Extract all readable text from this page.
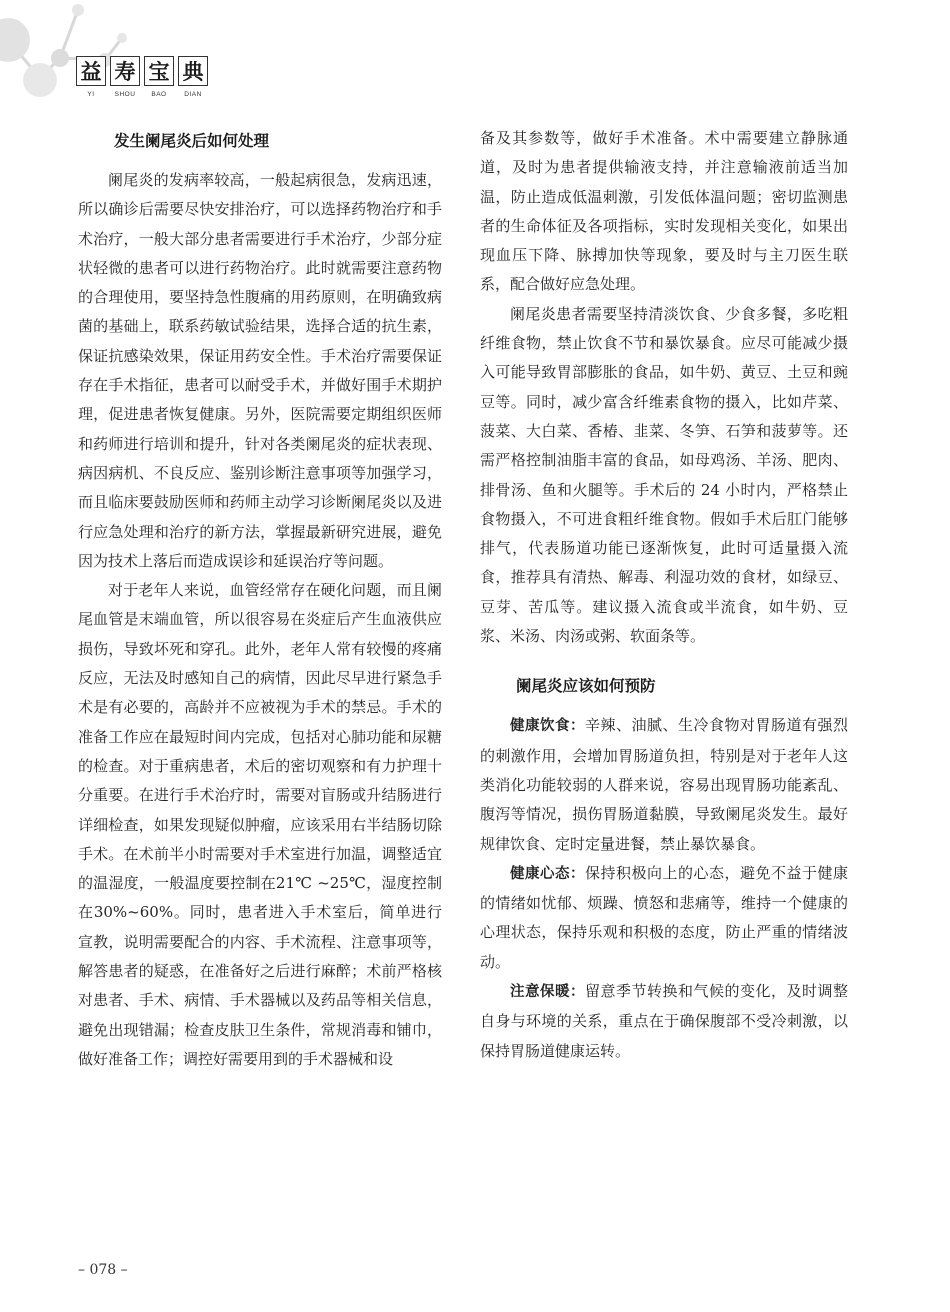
益 寿 宝 典
YI	SHOU	BAO	DIAN
发生阑尾炎后如何处理

阑尾炎的发病率较高，一般起病很急，发病迅速，所以确诊后需要尽快安排治疗，可以选择药物治疗和手术治疗，一般大部分患者需要进行手术治疗，少部分症状轻微的患者可以进行药物治疗。此时就需要注意药物的合理使用，要坚持急性腹痛的用药原则，在明确致病菌的基础上，联系药敏试验结果，选择合适的抗生素，保证抗感染效果，保证用药安全性。手术治疗需要保证存在手术指征，患者可以耐受手术，并做好围手术期护理，促进患者恢复健康。另外，医院需要定期组织医师和药师进行培训和提升，针对各类阑尾炎的症状表现、病因病机、不良反应、鉴别诊断注意事项等加强学习，而且临床要鼓励医师和药师主动学习诊断阑尾炎以及进行应急处理和治疗的新方法，掌握最新研究进展，避免因为技术上落后而造成误诊和延误治疗等问题。

对于老年人来说，血管经常存在硬化问题，而且阑尾血管是末端血管，所以很容易在炎症后产生血液供应损伤，导致坏死和穿孔。此外，老年人常有较慢的疼痛反应，无法及时感知自己的病情，因此尽早进行紧急手术是有必要的，高龄并不应被视为手术的禁忌。手术的准备工作应在最短时间内完成，包括对心肺功能和尿糖的检查。对于重病患者，术后的密切观察和有力护理十分重要。在进行手术治疗时，需要对盲肠或升结肠进行详细检查，如果发现疑似肿瘤，应该采用右半结肠切除手术。在术前半小时需要对手术室进行加温，调整适宜的温湿度，一般温度要控制在21℃ ~25℃，湿度控制在30%~60%。同时，患者进入手术室后，简单进行宣教，说明需要配合的内容、手术流程、注意事项等，解答患者的疑惑，在准备好之后进行麻醉；术前严格核对患者、手术、病情、手术器械以及药品等相关信息，避免出现错漏；检查皮肤卫生条件，常规消毒和铺巾，做好准备工作；调控好需要用到的手术器械和设

备及其参数等，做好手术准备。术中需要建立静脉通道，及时为患者提供输液支持，并注意输液前适当加温，防止造成低温刺激，引发低体温问题；密切监测患者的生命体征及各项指标，实时发现相关变化，如果出现血压下降、脉搏加快等现象，要及时与主刀医生联系，配合做好应急处理。

阑尾炎患者需要坚持清淡饮食、少食多餐，多吃粗纤维食物，禁止饮食不节和暴饮暴食。应尽可能减少摄入可能导致胃部膨胀的食品，如牛奶、黄豆、土豆和豌豆等。同时，减少富含纤维素食物的摄入，比如芹菜、菠菜、大白菜、香椿、韭菜、冬笋、石笋和菠萝等。还需严格控制油脂丰富的食品，如母鸡汤、羊汤、肥肉、排骨汤、鱼和火腿等。手术后的 24 小时内，严格禁止食物摄入，不可进食粗纤维食物。假如手术后肛门能够排气，代表肠道功能已逐渐恢复，此时可适量摄入流食，推荐具有清热、解毒、利湿功效的食材，如绿豆、豆芽、苦瓜等。建议摄入流食或半流食，如牛奶、豆浆、米汤、肉汤或粥、软面条等。

阑尾炎应该如何预防

健康饮食：辛辣、油腻、生冷食物对胃肠道有强烈的刺激作用，会增加胃肠道负担，特别是对于老年人这类消化功能较弱的人群来说，容易出现胃肠功能紊乱、腹泻等情况，损伤胃肠道黏膜，导致阑尾炎发生。最好规律饮食、定时定量进餐，禁止暴饮暴食。

健康心态：保持积极向上的心态，避免不益于健康的情绪如忧郁、烦躁、愤怒和悲痛等，维持一个健康的心理状态，保持乐观和积极的态度，防止严重的情绪波动。

注意保暖：留意季节转换和气候的变化，及时调整自身与环境的关系，重点在于确保腹部不受冷刺激，以保持胃肠道健康运转。

– 078 –
